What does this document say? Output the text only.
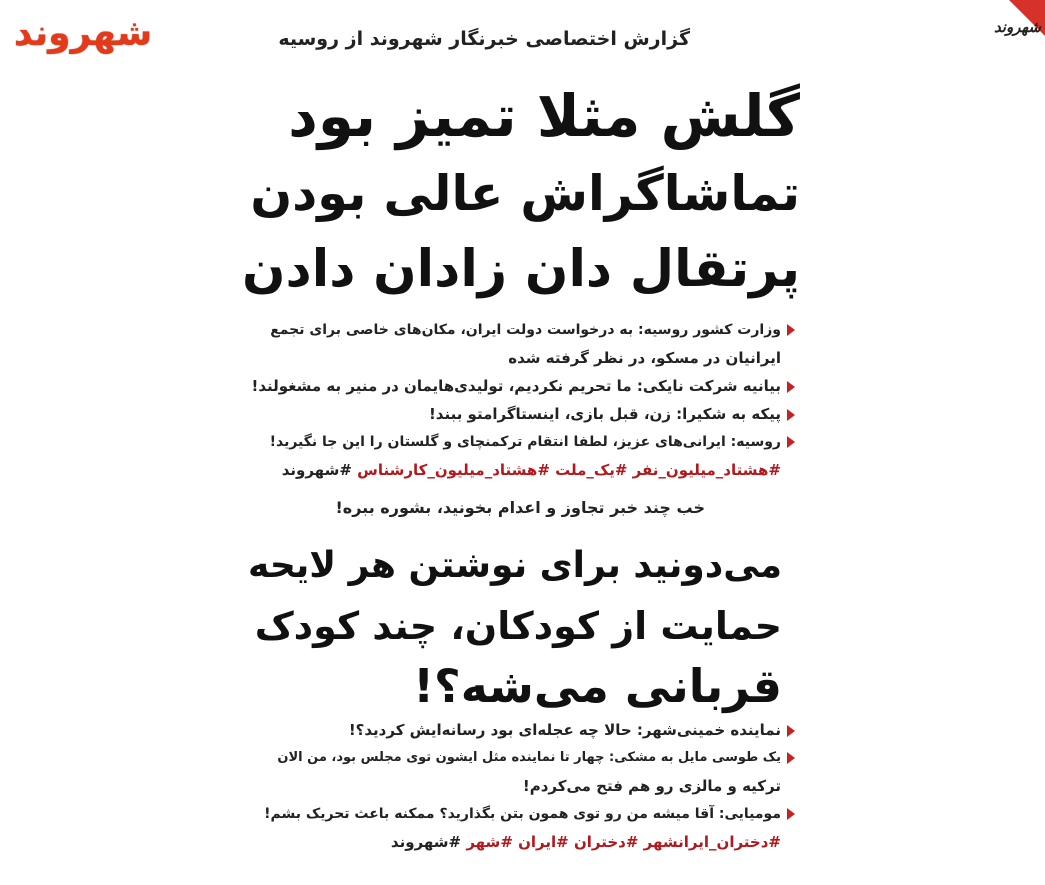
شهروند	شهروند
گزارش اختصاصی خبرنگار شهروند از روسیه
گلش مثلا تمیز بود
تماشاگراش عالی بودن
پرتقال دان زادان دادن
وزارت کشور روسیه: به درخواست دولت ایران، مکان‌های خاصی برای تجمع
ایرانیان در مسکو، در نظر گرفته شده
بیانیه شرکت نایکی: ما تحریم نکردیم، تولیدی‌هایمان در منیر به مشغولند!
پیکه به شکیرا: زن، قبل بازی، اینستاگرامتو ببند!
روسیه: ایرانی‌های عزیز، لطفا انتقام ترکمنچای و گلستان را این جا نگیرید!
#هشتاد_میلیون_نفر #یک_ملت #هشتاد_میلیون_کارشناس #شهروند
خب چند خبر تجاوز و اعدام بخونید، بشوره ببره!
می‌دونید برای نوشتن هر لایحه
حمایت از کودکان، چند کودک
قربانی می‌شه؟!
نماینده خمینی‌شهر: حالا چه عجله‌ای بود رسانه‌ایش کردید؟!
یک طوسی مایل به مشکی: چهار تا نماینده مثل ایشون توی مجلس بود، من الان
ترکیه و مالزی رو هم فتح می‌کردم!
مومیایی: آقا میشه من رو توی همون بتن بگذارید؟ ممکنه باعث تحریک بشم!
#دختران_ایرانشهر #دختران #ایران #شهر #شهروند
